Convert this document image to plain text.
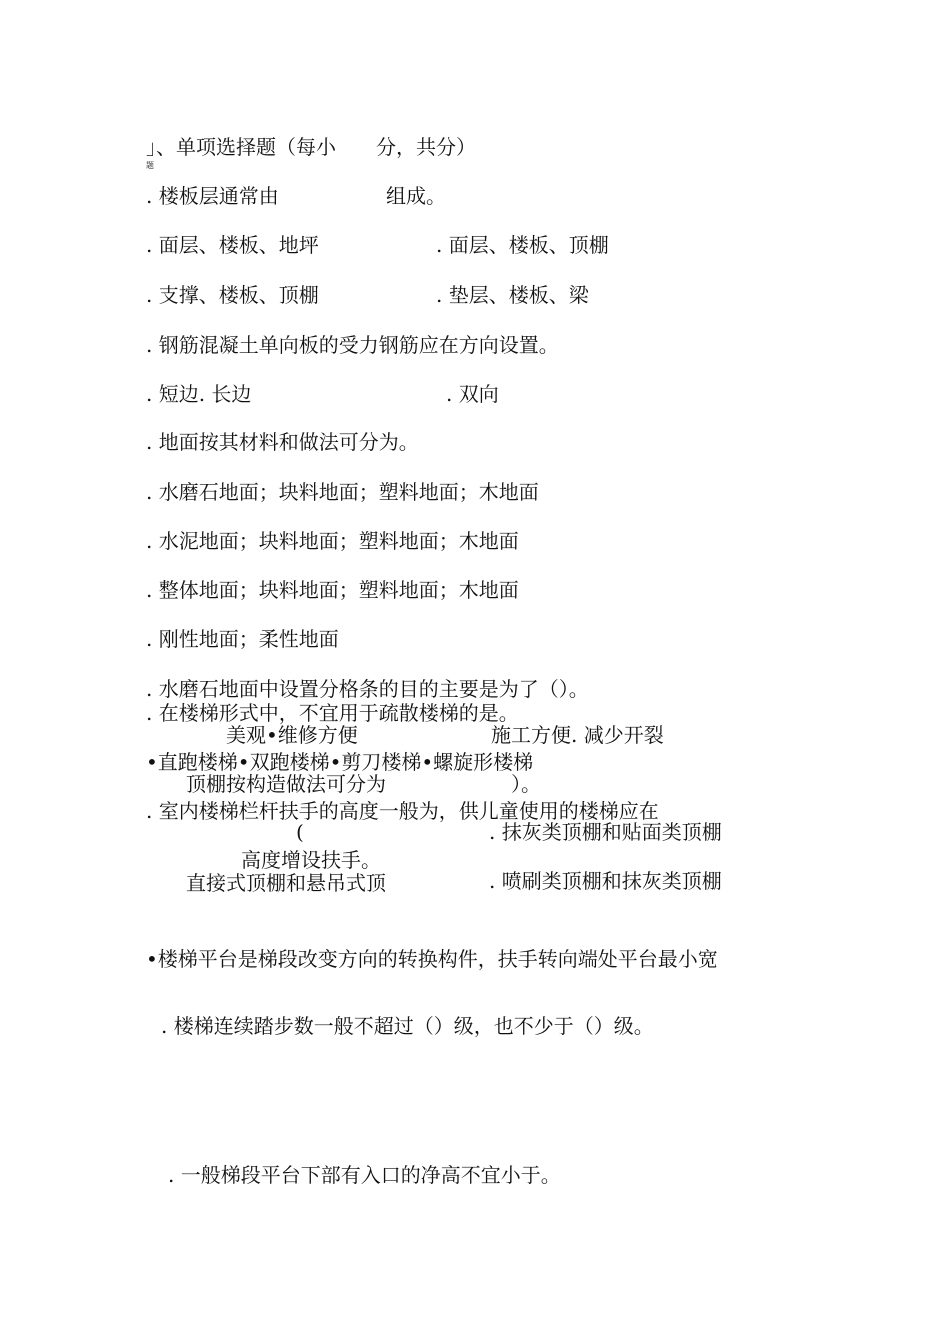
」、单项选择题（每小　　分，共分）
题
. 楼板层通常由	组成。
. 面层、楼板、地坪	. 面层、楼板、顶棚
. 支撑、楼板、顶棚	. 垫层、楼板、梁
. 钢筋混凝土单向板的受力钢筋应在方向设置。
. 短边. 长边	. 双向
. 地面按其材料和做法可分为。
. 水磨石地面；块料地面；塑料地面；木地面
. 水泥地面；块料地面；塑料地面；木地面
. 整体地面；块料地面；塑料地面；木地面
. 刚性地面；柔性地面
. 水磨石地面中设置分格条的目的主要是为了（）。
. 在楼梯形式中，不宜用于疏散楼梯的是。
美观•维修方便	施工方便. 减少开裂
•直跑楼梯•双跑楼梯•剪刀楼梯•螺旋形楼梯
顶棚按构造做法可分为	）。
. 室内楼梯栏杆扶手的高度一般为，供儿童使用的楼梯应在
(	. 抹灰类顶棚和贴面类顶棚
高度增设扶手。
直接式顶棚和悬吊式顶	. 喷刷类顶棚和抹灰类顶棚
•楼梯平台是梯段改变方向的转换构件，扶手转向端处平台最小宽
. 楼梯连续踏步数一般不超过（）级，也不少于（）级。
. 一般梯段平台下部有入口的净高不宜小于。
